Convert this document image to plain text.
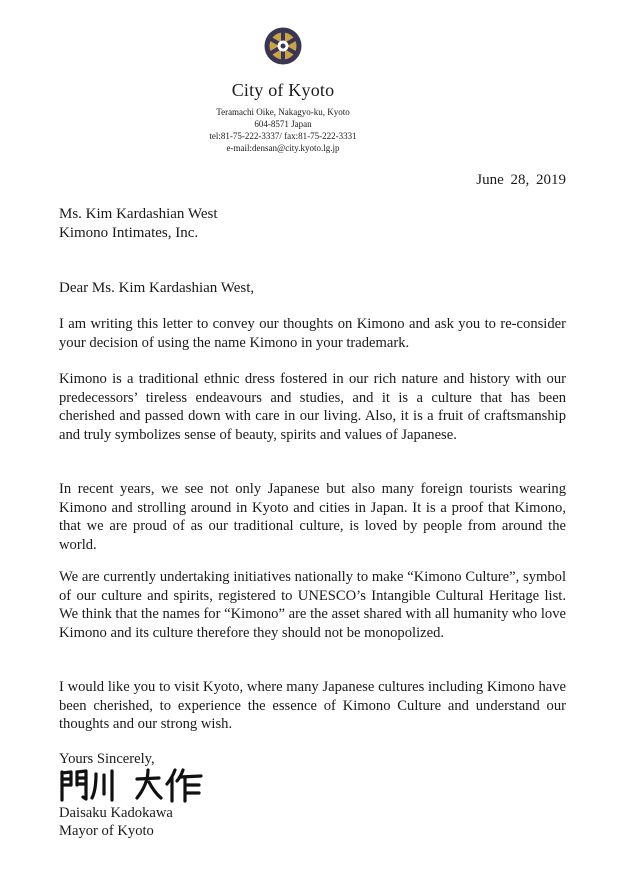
City of Kyoto
Teramachi Oike, Nakagyo-ku, Kyoto
604-8571 Japan
tel:81-75-222-3337/ fax:81-75-222-3331
e-mail:densan@city.kyoto.lg.jp
June 28, 2019
Ms. Kim Kardashian West
Kimono Intimates, Inc.
Dear Ms. Kim Kardashian West,

I am writing this letter to convey our thoughts on Kimono and ask you to re-consider your decision of using the name Kimono in your trademark.

Kimono is a traditional ethnic dress fostered in our rich nature and history with our predecessors’ tireless endeavours and studies, and it is a culture that has been cherished and passed down with care in our living. Also, it is a fruit of craftsmanship and truly symbolizes sense of beauty, spirits and values of Japanese.

In recent years, we see not only Japanese but also many foreign tourists wearing Kimono and strolling around in Kyoto and cities in Japan. It is a proof that Kimono, that we are proud of as our traditional culture, is loved by people from around the world.

We are currently undertaking initiatives nationally to make “Kimono Culture”, symbol of our culture and spirits, registered to UNESCO’s Intangible Cultural Heritage list. We think that the names for “Kimono” are the asset shared with all humanity who love Kimono and its culture therefore they should not be monopolized.

I would like you to visit Kyoto, where many Japanese cultures including Kimono have been cherished, to experience the essence of Kimono Culture and understand our thoughts and our strong wish.

Yours Sincerely,
Daisaku Kadokawa
Mayor of Kyoto
